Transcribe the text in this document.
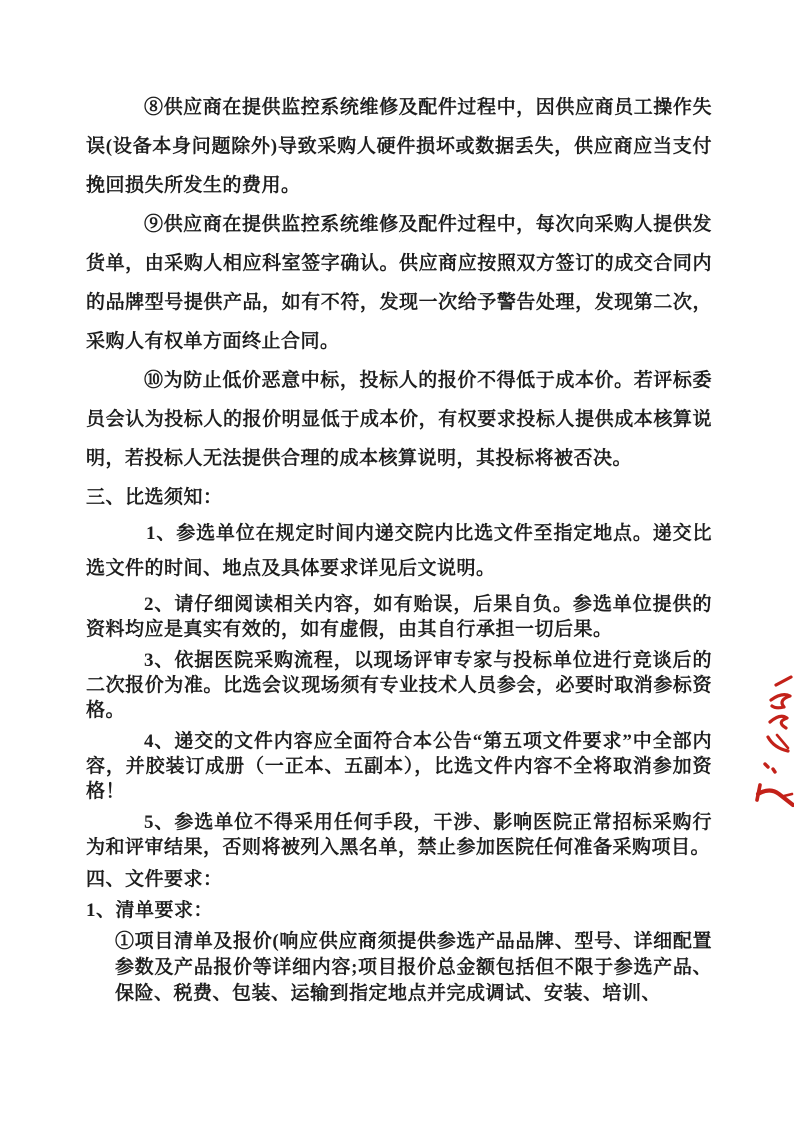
⑧供应商在提供监控系统维修及配件过程中，因供应商员工操作失误(设备本身问题除外)导致采购人硬件损坏或数据丢失，供应商应当支付挽回损失所发生的费用。

⑨供应商在提供监控系统维修及配件过程中，每次向采购人提供发货单，由采购人相应科室签字确认。供应商应按照双方签订的成交合同内的品牌型号提供产品，如有不符，发现一次给予警告处理，发现第二次，采购人有权单方面终止合同。

⑩为防止低价恶意中标，投标人的报价不得低于成本价。若评标委员会认为投标人的报价明显低于成本价，有权要求投标人提供成本核算说明，若投标人无法提供合理的成本核算说明，其投标将被否决。

三、比选须知：

1、参选单位在规定时间内递交院内比选文件至指定地点。递交比选文件的时间、地点及具体要求详见后文说明。

2、请仔细阅读相关内容，如有贻误，后果自负。参选单位提供的资料均应是真实有效的，如有虚假，由其自行承担一切后果。

3、依据医院采购流程，以现场评审专家与投标单位进行竞谈后的二次报价为准。比选会议现场须有专业技术人员参会，必要时取消参标资格。

4、递交的文件内容应全面符合本公告“第五项文件要求”中全部内容，并胶装订成册（一正本、五副本），比选文件内容不全将取消参加资格！

5、参选单位不得采用任何手段，干涉、影响医院正常招标采购行为和评审结果，否则将被列入黑名单，禁止参加医院任何准备采购项目。

四、文件要求：

1、清单要求：

①项目清单及报价(响应供应商须提供参选产品品牌、型号、详细配置参数及产品报价等详细内容;项目报价总金额包括但不限于参选产品、保险、税费、包装、运输到指定地点并完成调试、安装、培训、
